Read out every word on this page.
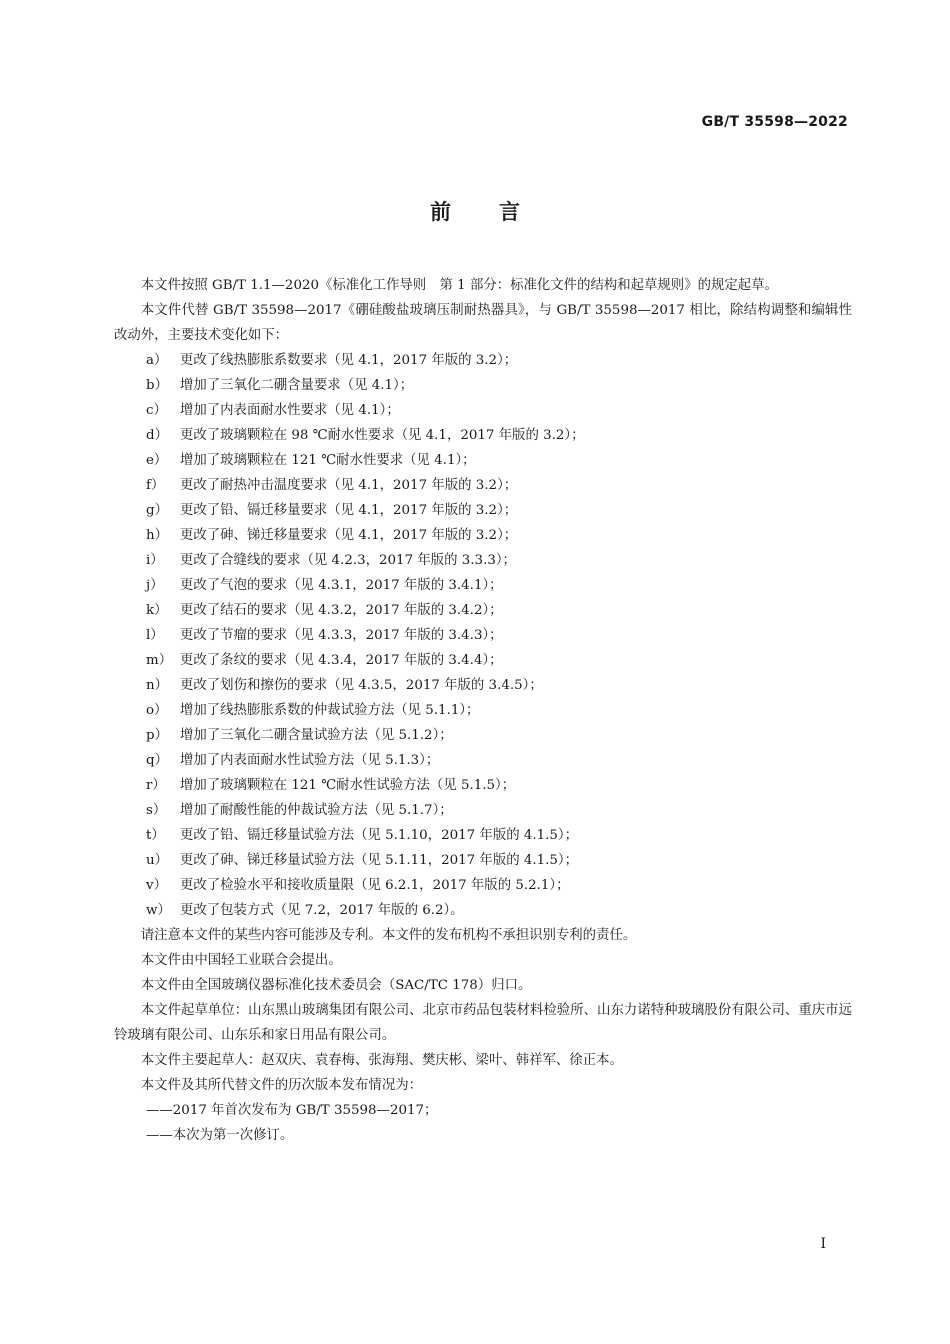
GB/T 35598—2022
前言

本文件按照 GB/T 1.1—2020《标准化工作导则　第 1 部分：标准化文件的结构和起草规则》的规定起草。

本文件代替 GB/T 35598—2017《硼硅酸盐玻璃压制耐热器具》，与 GB/T 35598—2017 相比，除结构调整和编辑性改动外，主要技术变化如下：

a） 更改了线热膨胀系数要求（见 4.1，2017 年版的 3.2）；
b） 增加了三氧化二硼含量要求（见 4.1）；
c） 增加了内表面耐水性要求（见 4.1）；
d） 更改了玻璃颗粒在 98 ℃耐水性要求（见 4.1，2017 年版的 3.2）；
e） 增加了玻璃颗粒在 121 ℃耐水性要求（见 4.1）；
f） 更改了耐热冲击温度要求（见 4.1，2017 年版的 3.2）；
g） 更改了铅、镉迁移量要求（见 4.1，2017 年版的 3.2）；
h） 更改了砷、锑迁移量要求（见 4.1，2017 年版的 3.2）；
i） 更改了合缝线的要求（见 4.2.3，2017 年版的 3.3.3）；
j） 更改了气泡的要求（见 4.3.1，2017 年版的 3.4.1）；
k） 更改了结石的要求（见 4.3.2，2017 年版的 3.4.2）；
l） 更改了节瘤的要求（见 4.3.3，2017 年版的 3.4.3）；
m） 更改了条纹的要求（见 4.3.4，2017 年版的 3.4.4）；
n） 更改了划伤和擦伤的要求（见 4.3.5，2017 年版的 3.4.5）；
o） 增加了线热膨胀系数的仲裁试验方法（见 5.1.1）；
p） 增加了三氧化二硼含量试验方法（见 5.1.2）；
q） 增加了内表面耐水性试验方法（见 5.1.3）；
r） 增加了玻璃颗粒在 121 ℃耐水性试验方法（见 5.1.5）；
s） 增加了耐酸性能的仲裁试验方法（见 5.1.7）；
t） 更改了铅、镉迁移量试验方法（见 5.1.10，2017 年版的 4.1.5）；
u） 更改了砷、锑迁移量试验方法（见 5.1.11，2017 年版的 4.1.5）；
v） 更改了检验水平和接收质量限（见 6.2.1，2017 年版的 5.2.1）；
w） 更改了包装方式（见 7.2，2017 年版的 6.2）。

请注意本文件的某些内容可能涉及专利。本文件的发布机构不承担识别专利的责任。

本文件由中国轻工业联合会提出。

本文件由全国玻璃仪器标准化技术委员会（SAC/TC 178）归口。

本文件起草单位：山东黑山玻璃集团有限公司、北京市药品包装材料检验所、山东力诺特种玻璃股份有限公司、重庆市远铃玻璃有限公司、山东乐和家日用品有限公司。

本文件主要起草人：赵双庆、袁春梅、张海翔、樊庆彬、梁叶、韩祥军、徐正本。

本文件及其所代替文件的历次版本发布情况为：

——2017 年首次发布为 GB/T 35598—2017；
——本次为第一次修订。
I
